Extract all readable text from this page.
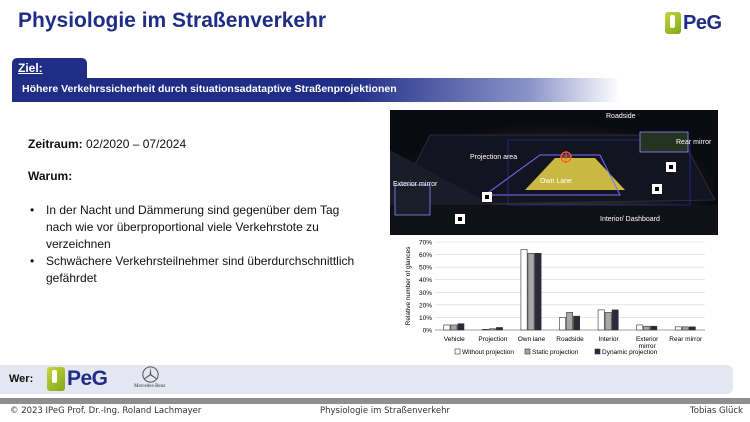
Physiologie im Straßenverkehr	PeG
Ziel:
Höhere Verkehrssicherheit durch situationsadataptive Straßenprojektionen
Zeitraum: 02/2020 – 07/2024
Warum:
• In der Nacht und Dämmerung sind gegenüber dem Tag nach wie vor überproportional viele Verkehrstote zu verzeichnen
• Schwächere Verkehrsteilnehmer sind überdurchschnittlich gefährdet
Roadside
Rear mirror
Projection area
Own Lane
Exterior mirror
Interior/ Dashboard
Relative number of glances
0%
10%
20%
30%
40%
50%
60%
70%
Vehicle Projection Own lane Roadside Interior	Exterior
mirror
Rear mirror
Without projection	Static projection	Dynamic projection
Wer: PeG	Mercedes-Benz
© 2023 IPeG Prof. Dr.-Ing. Roland Lachmayer	Physiologie im Straßenverkehr	Tobias Glück
